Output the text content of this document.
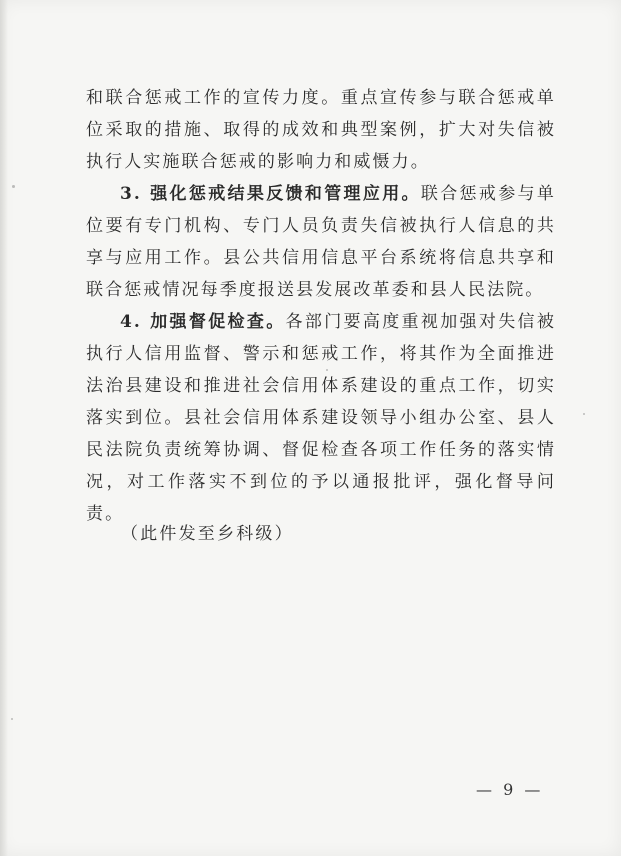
和联合惩戒工作的宣传力度。重点宣传参与联合惩戒单位采取的措施、取得的成效和典型案例，扩大对失信被执行人实施联合惩戒的影响力和威慑力。

3. 强化惩戒结果反馈和管理应用。联合惩戒参与单位要有专门机构、专门人员负责失信被执行人信息的共享与应用工作。县公共信用信息平台系统将信息共享和联合惩戒情况每季度报送县发展改革委和县人民法院。

4. 加强督促检查。各部门要高度重视加强对失信被执行人信用监督、警示和惩戒工作，将其作为全面推进法治县建设和推进社会信用体系建设的重点工作，切实落实到位。县社会信用体系建设领导小组办公室、县人民法院负责统筹协调、督促检查各项工作任务的落实情况，对工作落实不到位的予以通报批评，强化督导问责。

（此件发至乡科级）
— 9 —
